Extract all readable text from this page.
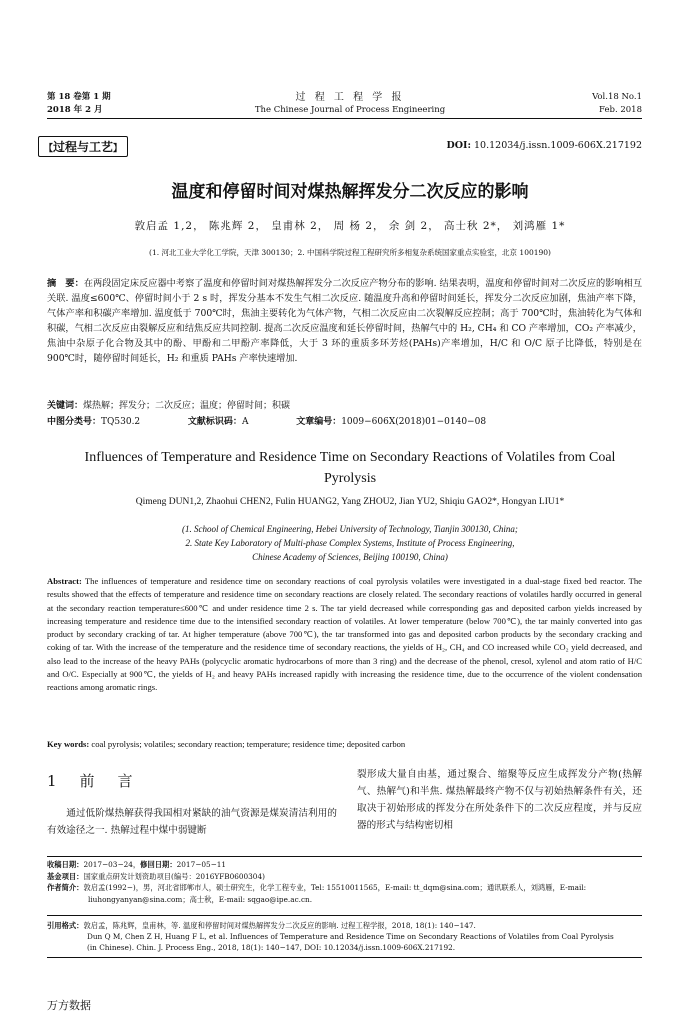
第 18 卷第 1 期
2018 年 2 月
过 程 工 程 学 报
The Chinese Journal of Process Engineering
Vol.18 No.1
Feb. 2018
【过程与工艺】	DOI: 10.12034/j.issn.1009-606X.217192
温度和停留时间对煤热解挥发分二次反应的影响
敦启孟 1,2， 陈兆辉 2， 皇甫林 2， 周 杨 2， 余 剑 2， 高士秋 2*， 刘鸿雁 1*
(1. 河北工业大学化工学院，天津 300130；2. 中国科学院过程工程研究所多相复杂系统国家重点实验室，北京 100190)
摘　要：在两段固定床反应器中考察了温度和停留时间对煤热解挥发分二次反应产物分布的影响. 结果表明，温度和停留时间对二次反应的影响相互关联. 温度≤600℃、停留时间小于 2 s 时，挥发分基本不发生气相二次反应. 随温度升高和停留时间延长，挥发分二次反应加剧，焦油产率下降，气体产率和积碳产率增加. 温度低于 700℃时，焦油主要转化为气体产物，气相二次反应由二次裂解反应控制；高于 700℃时，焦油转化为气体和积碳，气相二次反应由裂解反应和结焦反应共同控制. 提高二次反应温度和延长停留时间，热解气中的 H₂, CH₄ 和 CO 产率增加，CO₂ 产率减少，焦油中杂原子化合物及其中的酚、甲酚和二甲酚产率降低，大于 3 环的重质多环芳烃(PAHs)产率增加，H/C 和 O/C 原子比降低，特别是在 900℃时，随停留时间延长，H₂ 和重质 PAHs 产率快速增加.
关键词：煤热解；挥发分；二次反应；温度；停留时间；积碳
中图分类号：TQ530.2	文献标识码：A	文章编号：1009−606X(2018)01−0140−08
Influences of Temperature and Residence Time on Secondary Reactions of Volatiles from Coal Pyrolysis
Qimeng DUN1,2, Zhaohui CHEN2, Fulin HUANG2, Yang ZHOU2, Jian YU2, Shiqiu GAO2*, Hongyan LIU1*
(1. School of Chemical Engineering, Hebei University of Technology, Tianjin 300130, China;
2. State Key Laboratory of Multi-phase Complex Systems, Institute of Process Engineering,
Chinese Academy of Sciences, Beijing 100190, China)
Abstract: The influences of temperature and residence time on secondary reactions of coal pyrolysis volatiles were investigated in a dual-stage fixed bed reactor. The results showed that the effects of temperature and residence time on secondary reactions are closely related. The secondary reactions of volatiles hardly occurred in general at the secondary reaction temperature≤600℃ and under residence time 2 s. The tar yield decreased while corresponding gas and deposited carbon yields increased by increasing temperature and residence time due to the intensified secondary reaction of volatiles. At lower temperature (below 700℃), the tar mainly converted into gas product by secondary cracking of tar. At higher temperature (above 700℃), the tar transformed into gas and deposited carbon products by the secondary cracking and coking of tar. With the increase of the temperature and the residence time of secondary reactions, the yields of H₂, CH₄ and CO increased while CO₂ yield decreased, and also lead to the increase of the heavy PAHs (polycyclic aromatic hydrocarbons of more than 3 ring) and the decrease of the phenol, cresol, xylenol and atom ratio of H/C and O/C. Especially at 900℃, the yields of H₂ and heavy PAHs increased rapidly with increasing the residence time, due to the occurrence of the violent condensation reactions among aromatic rings.
Key words: coal pyrolysis; volatiles; secondary reaction; temperature; residence time; deposited carbon
1　前　言
通过低阶煤热解获得我国相对紧缺的油气资源是煤炭清洁利用的有效途径之一. 热解过程中煤中弱键断
裂形成大量自由基，通过聚合、缩聚等反应生成挥发分产物(热解气、热解气)和半焦. 煤热解最终产物不仅与初始热解条件有关，还取决于初始形成的挥发分在所处条件下的二次反应程度，并与反应器的形式与结构密切相
收稿日期：2017−03−24，修回日期：2017−05−11
基金项目：国家重点研发计划资助项目(编号：2016YFB0600304)
作者简介：敦启孟(1992−)，男，河北省邯郸市人，硕士研究生，化学工程专业，Tel: 15510011565，E-mail: tt_dqm@sina.com；通讯联系人，刘鸿雁，E-mail:
liuhongyanyan@sina.com；高士秋，E-mail: sqgao@ipe.ac.cn.
引用格式：敦启孟，陈兆辉，皇甫林，等. 温度和停留时间对煤热解挥发分二次反应的影响. 过程工程学报，2018, 18(1): 140−147.
Dun Q M, Chen Z H, Huang F L, et al. Influences of Temperature and Residence Time on Secondary Reactions of Volatiles from Coal Pyrolysis
(in Chinese). Chin. J. Process Eng., 2018, 18(1): 140−147, DOI: 10.12034/j.issn.1009-606X.217192.
万方数据
